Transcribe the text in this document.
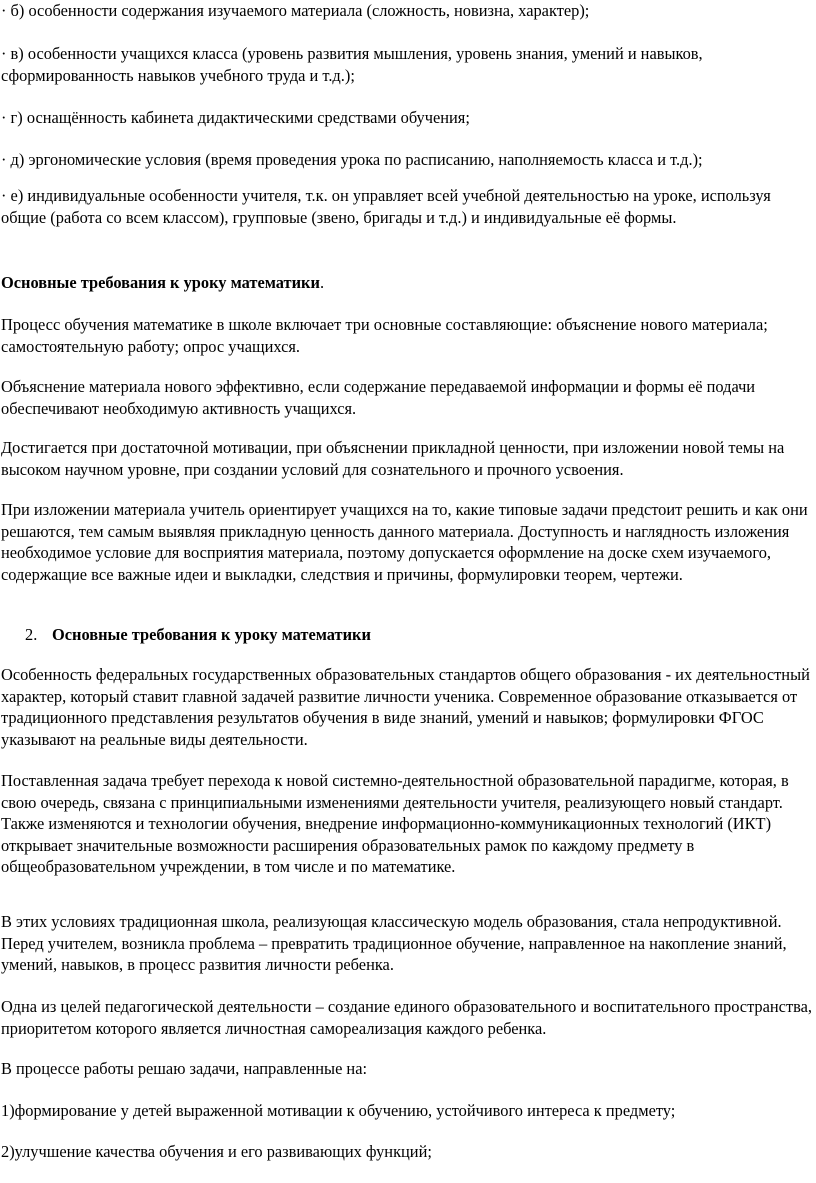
· б) особенности содержания изучаемого материала (сложность, новизна, характер);

· в) особенности учащихся класса (уровень развития мышления, уровень знания, умений и навыков, сформированность навыков учебного труда и т.д.);

· г) оснащённость кабинета дидактическими средствами обучения;

· д) эргономические условия (время проведения урока по расписанию, наполняемость класса и т.д.);

· е) индивидуальные особенности учителя, т.к. он управляет всей учебной деятельностью на уроке, используя общие (работа со всем классом), групповые (звено, бригады и т.д.) и индивидуальные её формы.

Основные требования к уроку математики.

Процесс обучения математике в школе включает три основные составляющие: объяснение нового материала; самостоятельную работу; опрос учащихся.

Объяснение материала нового эффективно, если содержание передаваемой информации и формы её подачи обеспечивают необходимую активность учащихся.

Достигается при достаточной мотивации, при объяснении прикладной ценности, при изложении новой темы на высоком научном уровне, при создании условий для сознательного и прочного усвоения.

При изложении материала учитель ориентирует учащихся на то, какие типовые задачи предстоит решить и как они решаются, тем самым выявляя прикладную ценность данного материала. Доступность и наглядность изложения необходимое условие для восприятия материала, поэтому допускается оформление на доске схем изучаемого, содержащие все важные идеи и выкладки, следствия и причины, формулировки теорем, чертежи.

2. Основные требования к уроку математики

Особенность федеральных государственных образовательных стандартов общего образования - их деятельностный характер, который ставит главной задачей развитие личности ученика. Современное образование отказывается от традиционного представления результатов обучения в виде знаний, умений и навыков; формулировки ФГОС указывают на реальные виды деятельности.

Поставленная задача требует перехода к новой системно-деятельностной образовательной парадигме, которая, в свою очередь, связана с принципиальными изменениями деятельности учителя, реализующего новый стандарт. Также изменяются и технологии обучения, внедрение информационно-коммуникационных технологий (ИКТ) открывает значительные возможности расширения образовательных рамок по каждому предмету в общеобразовательном учреждении, в том числе и по математике.

В этих условиях традиционная школа, реализующая классическую модель образования, стала непродуктивной. Перед учителем, возникла проблема – превратить традиционное обучение, направленное на накопление знаний, умений, навыков, в процесс развития личности ребенка.

Одна из целей педагогической деятельности – создание единого образовательного и воспитательного пространства, приоритетом которого является личностная самореализация каждого ребенка.

В процессе работы решаю задачи, направленные на:

1)формирование у детей выраженной мотивации к обучению, устойчивого интереса к предмету;

2)улучшение качества обучения и его развивающих функций;
